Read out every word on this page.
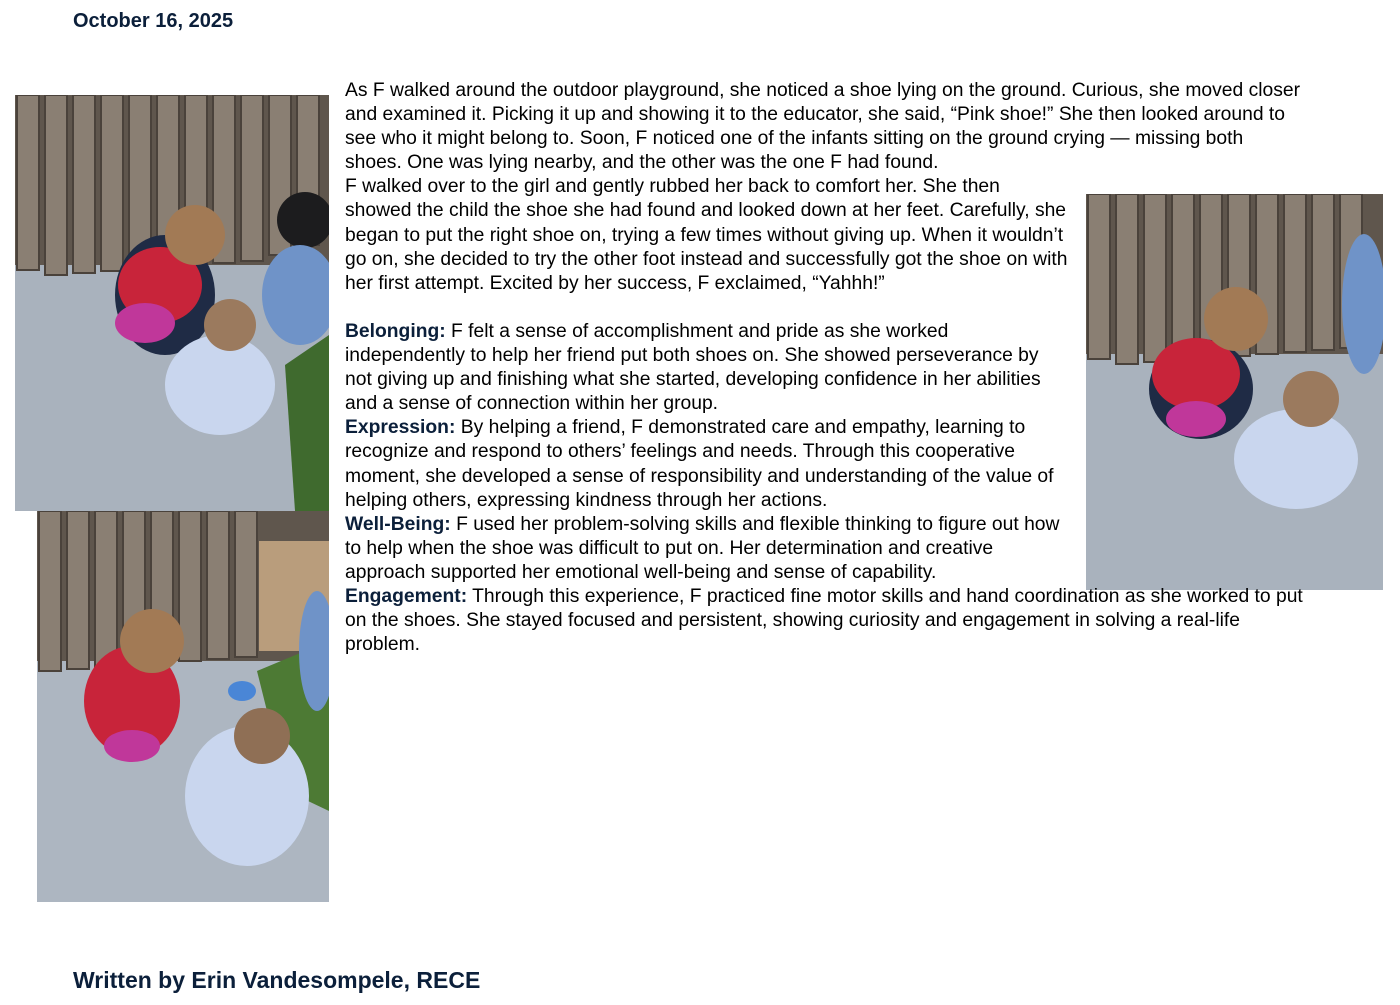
October 16, 2025

As F walked around the outdoor playground, she noticed a shoe lying on the ground. Curious, she moved closer and examined it. Picking it up and showing it to the educator, she said, “Pink shoe!” She then looked around to see who it might belong to. Soon, F noticed one of the infants sitting on the ground crying — missing both shoes. One was lying nearby, and the other was the one F had found.

F walked over to the girl and gently rubbed her back to comfort her. She then showed the child the shoe she had found and looked down at her feet. Carefully, she began to put the right shoe on, trying a few times without giving up. When it wouldn’t go on, she decided to try the other foot instead and successfully got the shoe on with her first attempt. Excited by her success, F exclaimed, “Yahhh!”

Belonging: F felt a sense of accomplishment and pride as she worked independently to help her friend put both shoes on. She showed perseverance by not giving up and finishing what she started, developing confidence in her abilities and a sense of connection within her group.

Expression: By helping a friend, F demonstrated care and empathy, learning to recognize and respond to others’ feelings and needs. Through this cooperative moment, she developed a sense of responsibility and understanding of the value of helping others, expressing kindness through her actions.

Well-Being: F used her problem-solving skills and flexible thinking to figure out how to help when the shoe was difficult to put on. Her determination and creative approach supported her emotional well-being and sense of capability.

Engagement: Through this experience, F practiced fine motor skills and hand coordination as she worked to put on the shoes. She stayed focused and persistent, showing curiosity and engagement in solving a real-life problem.

Written by Erin Vandesompele, RECE
